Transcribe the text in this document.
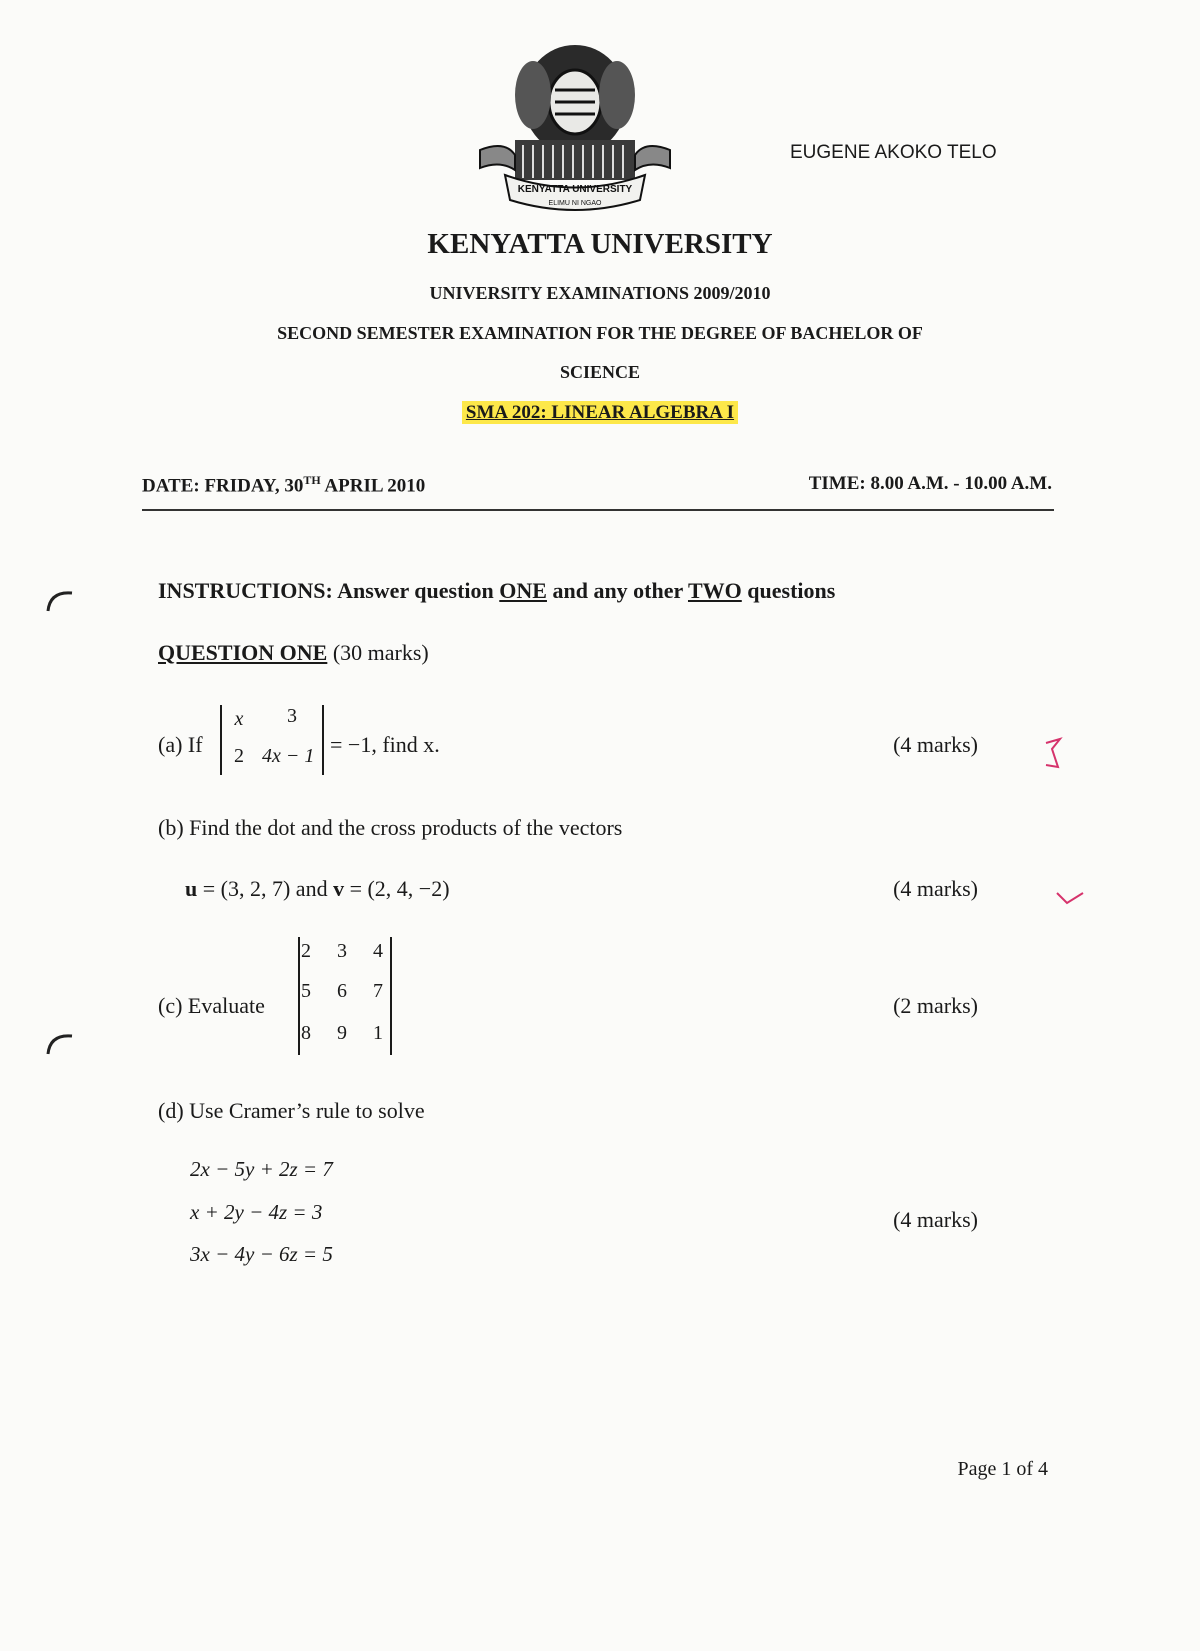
KENYATTA UNIVERSITY
ELIMU NI NGAO
EUGENE AKOKO TELO
KENYATTA UNIVERSITY
UNIVERSITY EXAMINATIONS 2009/2010
SECOND SEMESTER EXAMINATION FOR THE DEGREE OF BACHELOR OF
SCIENCE
SMA 202: LINEAR ALGEBRA I
DATE: FRIDAY, 30TH APRIL 2010	TIME: 8.00 A.M. - 10.00 A.M.
INSTRUCTIONS: Answer question ONE and any other TWO questions
QUESTION ONE (30 marks)
(a) If
x	3
2 4x − 1 = −1, find x.	(4 marks)
(b) Find the dot and the cross products of the vectors
u = (3, 2, 7) and v = (2, 4, −2)	(4 marks)
(c) Evaluate
2	3	4
5	6	7
8	9	1
(2 marks)
(d) Use Cramer’s rule to solve
2x − 5y + 2z = 7
x + 2y − 4z = 3
3x − 4y − 6z = 5
(4 marks)
Page 1 of 4
